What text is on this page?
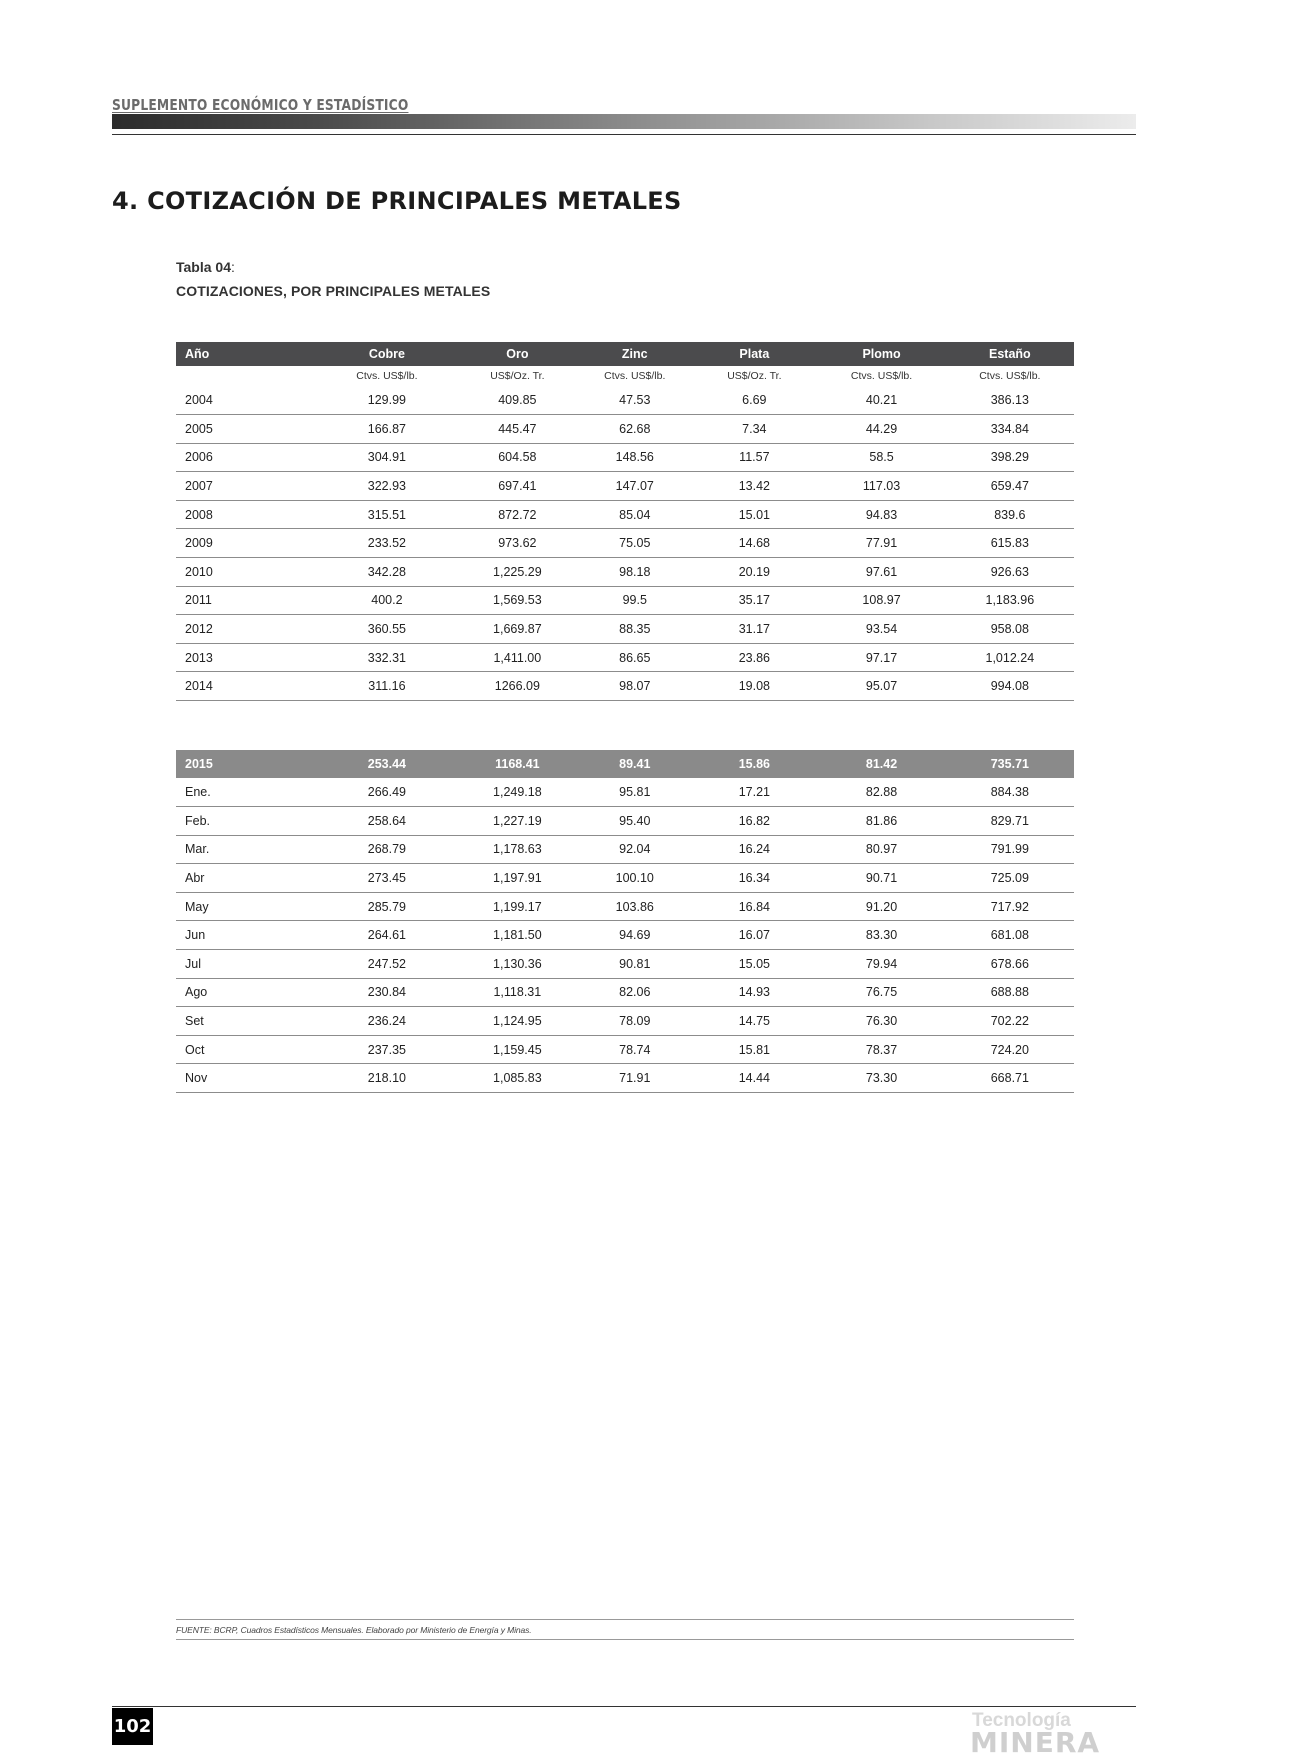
SUPLEMENTO ECONÓMICO Y ESTADÍSTICO
4. COTIZACIÓN DE PRINCIPALES METALES
Tabla 04:
COTIZACIONES, POR PRINCIPALES METALES
Año	Cobre	Oro	Zinc	Plata	Plomo	Estaño
	Ctvs. US$/lb.	US$/Oz. Tr.	Ctvs. US$/lb.	US$/Oz. Tr.	Ctvs. US$/lb.	Ctvs. US$/lb.
2004	129.99	409.85	47.53	6.69	40.21	386.13
2005	166.87	445.47	62.68	7.34	44.29	334.84
2006	304.91	604.58	148.56	11.57	58.5	398.29
2007	322.93	697.41	147.07	13.42	117.03	659.47
2008	315.51	872.72	85.04	15.01	94.83	839.6
2009	233.52	973.62	75.05	14.68	77.91	615.83
2010	342.28	1,225.29	98.18	20.19	97.61	926.63
2011	400.2	1,569.53	99.5	35.17	108.97	1,183.96
2012	360.55	1,669.87	88.35	31.17	93.54	958.08
2013	332.31	1,411.00	86.65	23.86	97.17	1,012.24
2014	311.16	1266.09	98.07	19.08	95.07	994.08
2015	253.44	1168.41	89.41	15.86	81.42	735.71
Ene.	266.49	1,249.18	95.81	17.21	82.88	884.38
Feb.	258.64	1,227.19	95.40	16.82	81.86	829.71
Mar.	268.79	1,178.63	92.04	16.24	80.97	791.99
Abr	273.45	1,197.91	100.10	16.34	90.71	725.09
May	285.79	1,199.17	103.86	16.84	91.20	717.92
Jun	264.61	1,181.50	94.69	16.07	83.30	681.08
Jul	247.52	1,130.36	90.81	15.05	79.94	678.66
Ago	230.84	1,118.31	82.06	14.93	76.75	688.88
Set	236.24	1,124.95	78.09	14.75	76.30	702.22
Oct	237.35	1,159.45	78.74	15.81	78.37	724.20
Nov	218.10	1,085.83	71.91	14.44	73.30	668.71
FUENTE: BCRP, Cuadros Estadísticos Mensuales. Elaborado por Ministerio de Energía y Minas.
102	Tecnología
MINERA
